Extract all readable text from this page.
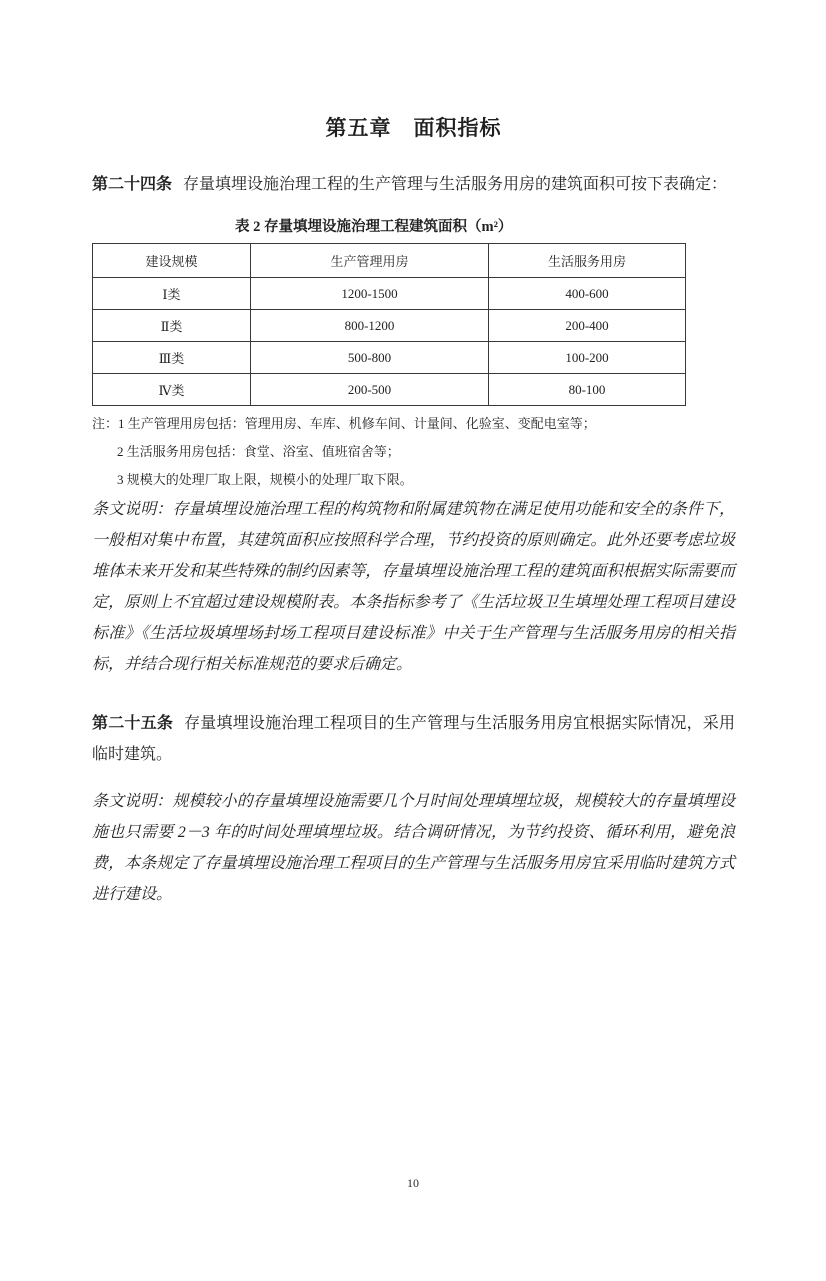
第五章　面积指标

第二十四条 存量填埋设施治理工程的生产管理与生活服务用房的建筑面积可按下表确定：

表 2 存量填埋设施治理工程建筑面积（m²）
建设规模	生产管理用房	生活服务用房
Ⅰ类	1200-1500	400-600
Ⅱ类	800-1200	200-400
Ⅲ类	500-800	100-200
Ⅳ类	200-500	80-100
注：1 生产管理用房包括：管理用房、车库、机修车间、计量间、化验室、变配电室等；
2 生活服务用房包括：食堂、浴室、值班宿舍等；
3 规模大的处理厂取上限，规模小的处理厂取下限。

条文说明：存量填埋设施治理工程的构筑物和附属建筑物在满足使用功能和安全的条件下，一般相对集中布置，其建筑面积应按照科学合理，节约投资的原则确定。此外还要考虑垃圾堆体未来开发和某些特殊的制约因素等，存量填埋设施治理工程的建筑面积根据实际需要而定，原则上不宜超过建设规模附表。本条指标参考了《生活垃圾卫生填埋处理工程项目建设标准》《生活垃圾填埋场封场工程项目建设标准》中关于生产管理与生活服务用房的相关指标，并结合现行相关标准规范的要求后确定。

第二十五条 存量填埋设施治理工程项目的生产管理与生活服务用房宜根据实际情况，采用临时建筑。

条文说明：规模较小的存量填埋设施需要几个月时间处理填埋垃圾，规模较大的存量填埋设施也只需要 2－3 年的时间处理填埋垃圾。结合调研情况，为节约投资、循环利用，避免浪费，本条规定了存量填埋设施治理工程项目的生产管理与生活服务用房宜采用临时建筑方式进行建设。

10
